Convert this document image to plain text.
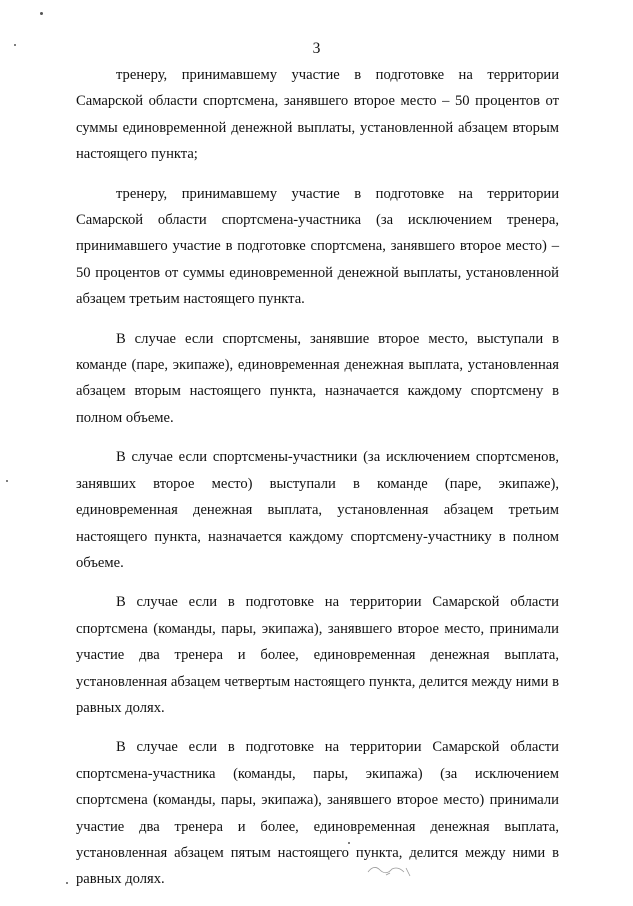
3

тренеру, принимавшему участие в подготовке на территории Самарской области спортсмена, занявшего второе место – 50 процентов от суммы единовременной денежной выплаты, установленной абзацем вторым настоящего пункта;

тренеру, принимавшему участие в подготовке на территории Самарской области спортсмена-участника (за исключением тренера, принимавшего участие в подготовке спортсмена, занявшего второе место) – 50 процентов от суммы единовременной денежной выплаты, установленной абзацем третьим настоящего пункта.

В случае если спортсмены, занявшие второе место, выступали в команде (паре, экипаже), единовременная денежная выплата, установленная абзацем вторым настоящего пункта, назначается каждому спортсмену в полном объеме.

В случае если спортсмены-участники (за исключением спортсменов, занявших второе место) выступали в команде (паре, экипаже), единовременная денежная выплата, установленная абзацем третьим настоящего пункта, назначается каждому спортсмену-участнику в полном объеме.

В случае если в подготовке на территории Самарской области спортсмена (команды, пары, экипажа), занявшего второе место, принимали участие два тренера и более, единовременная денежная выплата, установленная абзацем четвертым настоящего пункта, делится между ними в равных долях.

В случае если в подготовке на территории Самарской области спортсмена-участника (команды, пары, экипажа) (за исключением спортсмена (команды, пары, экипажа), занявшего второе место) принимали участие два тренера и более, единовременная денежная выплата, установленная абзацем пятым настоящего пункта, делится между ними в равных долях.
